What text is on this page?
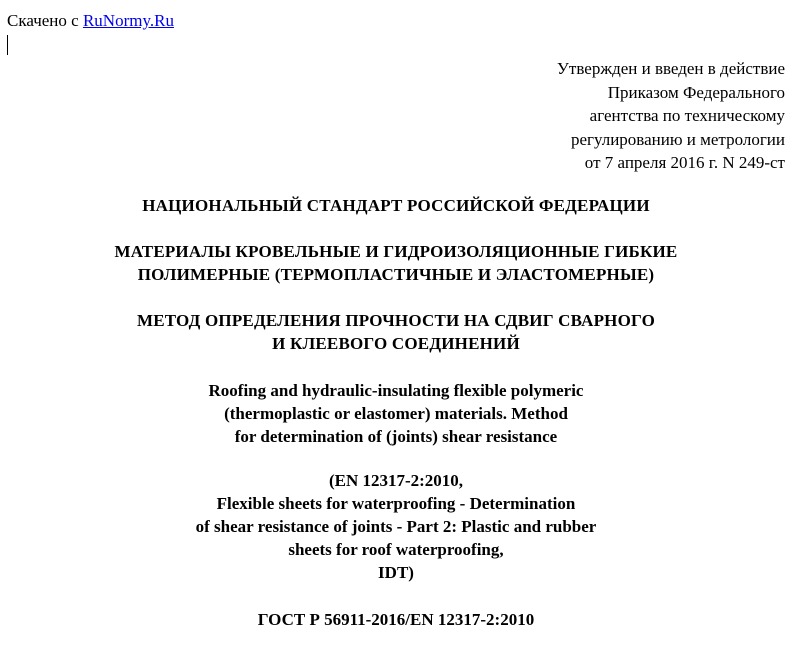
Скачено с RuNormy.Ru
Утвержден и введен в действие
Приказом Федерального
агентства по техническому
регулированию и метрологии
от 7 апреля 2016 г. N 249-ст
НАЦИОНАЛЬНЫЙ СТАНДАРТ РОССИЙСКОЙ ФЕДЕРАЦИИ
МАТЕРИАЛЫ КРОВЕЛЬНЫЕ И ГИДРОИЗОЛЯЦИОННЫЕ ГИБКИЕ
ПОЛИМЕРНЫЕ (ТЕРМОПЛАСТИЧНЫЕ И ЭЛАСТОМЕРНЫЕ)
МЕТОД ОПРЕДЕЛЕНИЯ ПРОЧНОСТИ НА СДВИГ СВАРНОГО
И КЛЕЕВОГО СОЕДИНЕНИЙ
Roofing and hydraulic-insulating flexible polymeric
(thermoplastic or elastomer) materials. Method
for determination of (joints) shear resistance
(EN 12317-2:2010,
Flexible sheets for waterproofing - Determination
of shear resistance of joints - Part 2: Plastic and rubber
sheets for roof waterproofing,
IDT)
ГОСТ Р 56911-2016/EN 12317-2:2010
